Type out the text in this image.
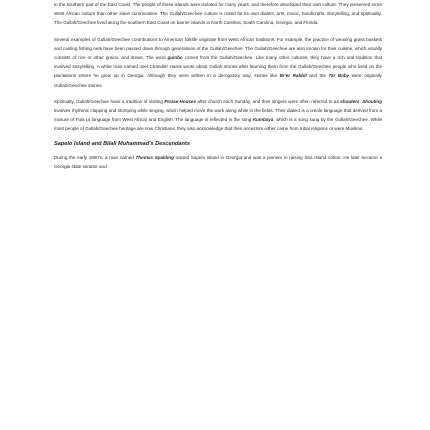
in the southern part of the East Coast. The people of these islands were isolated for many years, and therefore developed their own culture. They preserved more West African culture than other slave communities. The Gullah/Geechee culture is noted for its own dialect, arts, music, handicrafts, storytelling, and spirituality. The Gullah/Geechee lived along the southern East Coast on barrier islands in North Carolina, South Carolina, Georgia, and Florida.

Several examples of Gullah/Geechee contributions to American folklife originate from West African traditions. For example, the practice of weaving grass baskets and casting fishing nets have been passed down through generations of the Gullah/Geechee. The Gullah/Geechee are also known for their cuisine, which usually consists of rice or other grains, and stews. The word gumbo comes from the Gullah/Geechee. Like many other cultures, they have a rich oral tradition that involved storytelling. A white man named Joel Chandler Harris wrote about Gullah stories after learning them from the Gullah/Geechee people who lived on the plantations where he grew up in Georgia. Although they were written in a derogatory way, stories like Br'er Rabbit and the Tar Baby were originally Gullah/Geechee stories.

Spiritually, Gullah/Geechee have a tradition of visiting Praise Houses after church each Sunday, and their singers were often referred to as shouters. Shouting involves rhythmic clapping and stomping while singing, which helped move the work along while in the fields. Their dialect is a creole language that derived from a mixture of Fula (a language from West Africa) and English. The language is reflected in the song Kumbaya, which is a song sung by the Gullah/Geechee. While most people of Gullah/Geechee heritage are now Christians, they also acknowledge that their ancestors either came from tribal religions or were Muslims.

Sapelo Island and Bilali Muhammad's Descendants

During the early 1800's, a man named Thomas Spalding owned Sapelo Island in Georgia and was a pioneer in raising Sea Island cotton. He later became a Georgia state senator and
